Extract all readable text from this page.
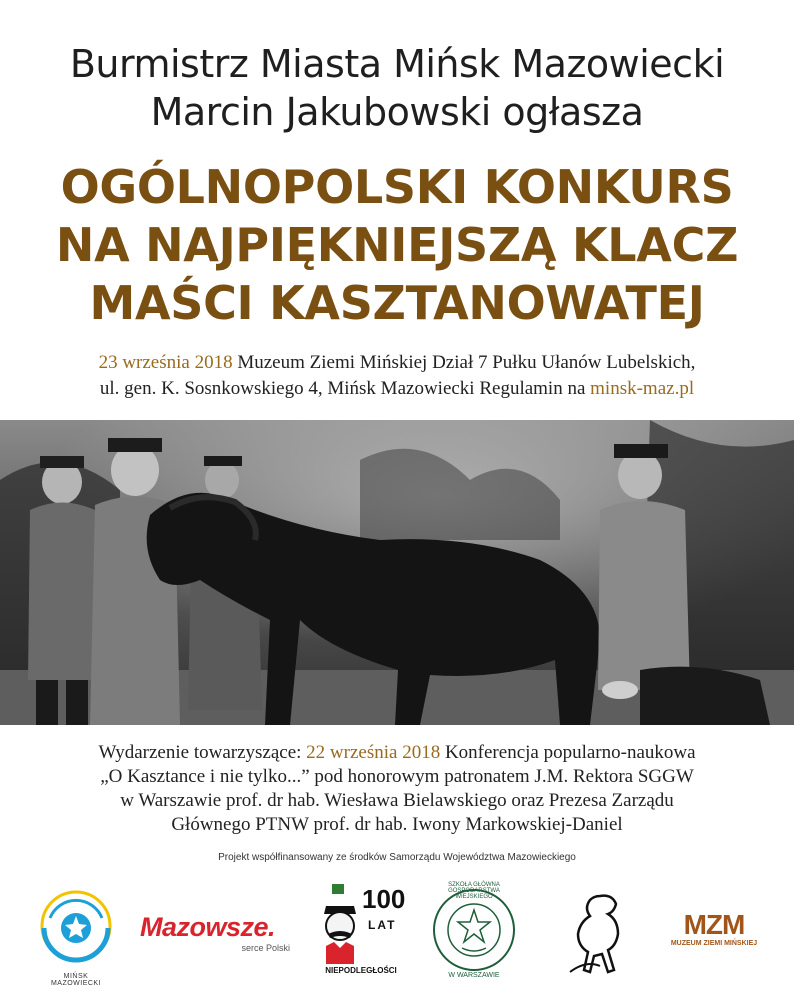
Burmistrz Miasta Mińsk Mazowiecki
Marcin Jakubowski ogłasza
OGÓLNOPOLSKI KONKURS
NA NAJPIĘKNIEJSZĄ KLACZ
MAŚCI KASZTANOWATEJ
23 września 2018 Muzeum Ziemi Mińskiej Dział 7 Pułku Ułanów Lubelskich,
ul. gen. K. Sosnkowskiego 4, Mińsk Mazowiecki Regulamin na minsk-maz.pl
Wydarzenie towarzyszące: 22 września 2018 Konferencja popularno-naukowa
„O Kasztance i nie tylko...” pod honorowym patronatem J.M. Rektora SGGW
w Warszawie prof. dr hab. Wiesława Bielawskiego oraz Prezesa Zarządu
Głównego PTNW prof. dr hab. Iwony Markowskiej-Daniel
Projekt współfinansowany ze środków Samorządu Województwa Mazowieckiego
MIŃSK
MAZOWIECKI
Mazowsze.
serce Polski
100
LAT
NIEPODLEGŁOŚCI
SZKOŁA GŁÓWNA GOSPODARSTWA WIEJSKIEGO
W WARSZAWIE
MZM
MUZEUM ZIEMI MIŃSKIEJ
